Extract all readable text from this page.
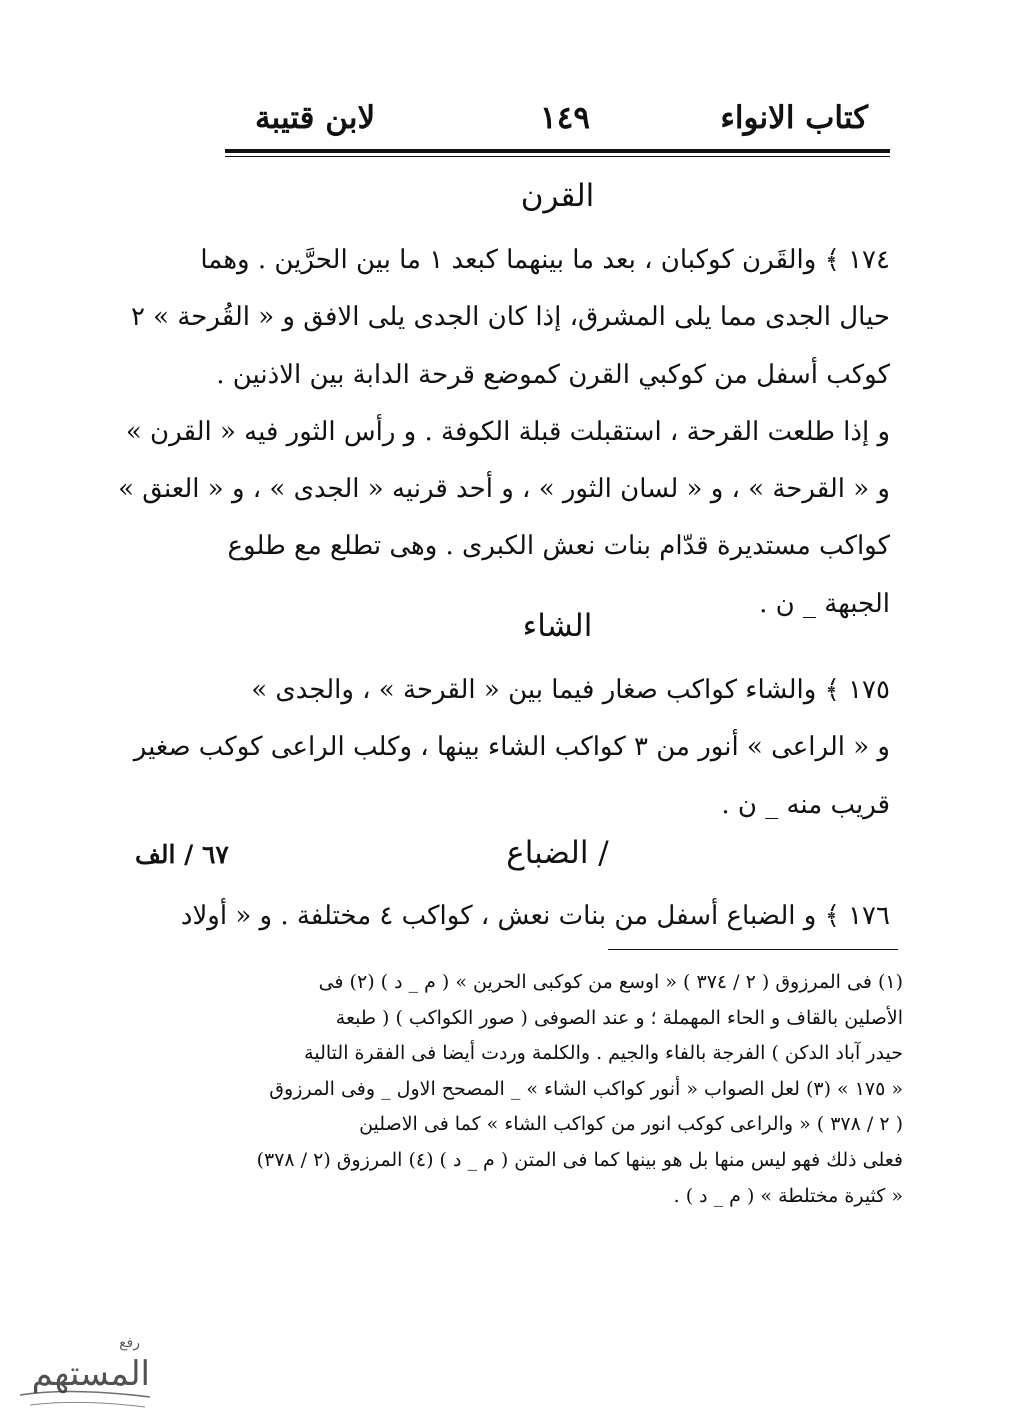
كتاب الانواء
١٤٩
لابن قتيبة
القرن
١٧٤ ﴾ والقَرن كوكبان ، بعد ما بينهما كبعد ١ ما بين الحرَّين . وهما
حيال الجدى مما يلى المشرق، إذا كان الجدى يلى الافق و « القُرحة » ٢
كوكب أسفل من كوكبي القرن كموضع قرحة الدابة بين الاذنين .
و إذا طلعت القرحة ، استقبلت قبلة الكوفة . و رأس الثور فيه « القرن »
و « القرحة » ، و « لسان الثور » ، و أحد قرنيه « الجدى » ، و « العنق »
كواكب مستديرة قدّام بنات نعش الكبرى . وهى تطلع مع طلوع
الجبهة _ ن .
الشاء
١٧٥ ﴾ والشاء كواكب صغار فيما بين « القرحة » ، والجدى »
و « الراعى » أنور من ٣ كواكب الشاء بينها ، وكلب الراعى كوكب صغير
قريب منه _ ن .
/ الضباع
٦٧ / الف
١٧٦ ﴾ و الضباع أسفل من بنات نعش ، كواكب ٤ مختلفة . و « أولاد
(١) فى المرزوق ( ٢ / ٣٧٤ ) « اوسع من كوكبى الحرين » ( م _ د ) (٢) فى
الأصلين بالقاف و الحاء المهملة ؛ و عند الصوفى ( صور الكواكب ) ( طبعة
حيدر آباد الدكن ) الفرجة بالفاء والجيم . والكلمة وردت أيضا فى الفقرة التالية
« ١٧٥ » (٣) لعل الصواب « أنور كواكب الشاء » _ المصحح الاول _ وفى المرزوق
( ٢ / ٣٧٨ ) « والراعى كوكب انور من كواكب الشاء » كما فى الاصلين
فعلى ذلك فهو ليس منها بل هو بينها كما فى المتن ( م _ د ) (٤) المرزوق (٢ / ٣٧٨)
« كثيرة مختلطة » ( م _ د ) .
المستهم
رفع
